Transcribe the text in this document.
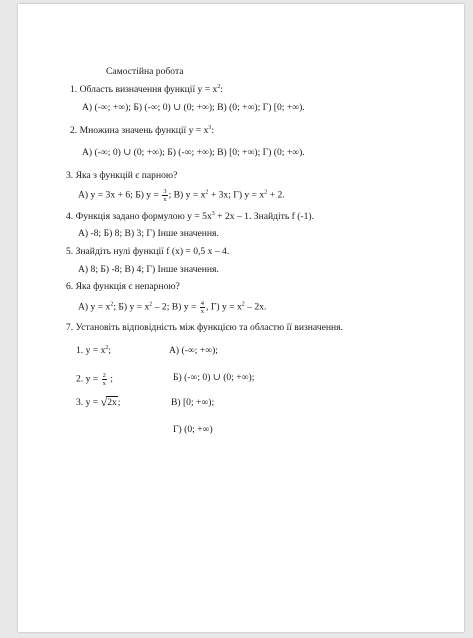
Самостійна робота
1. Область визначення функції $y = x^2$:
А) (-∞; +∞); Б) (-∞; 0) ∪ (0; +∞); В) (0; +∞); Г) [0; +∞).
2. Множина значень функції $y = x^3$:
А) (-∞; 0) ∪ (0; +∞); Б) (-∞; +∞); В) [0; +∞); Г) (0; +∞).
3. Яка з функцій є парною?
А) y = 3x + 6; Б) $y = \frac{3}{x}$ ; В) $y = x^2 + 3x$; Г) $y = x^2 + 2$.
4. Функція задано формулою $y = 5x^3 + 2x - 1$. Знайдіть f (-1).
А) -8; Б) 8; В) 3; Г) Інше значення.
5. Знайдіть нулі функції f (x) = 0,5 x – 4.
А) 8; Б) -8; В) 4; Г) Інше значення.
6. Яка функція є непарною?
А) $y = x^2$; Б) $y = x^2 - 2$; В) $y = \frac{4}{x}$ , Г) $y = x^2 - 2x$.
7. Установіть відповідність між функцією та областю її визначення.
1. $y = x^2$;	А) (-∞; +∞);
2. $y = \frac{2}{x}$ ;	Б) (-∞; 0) ∪ (0; +∞);
3. y = √2x;	В) [0; +∞);
Г) (0; +∞)
